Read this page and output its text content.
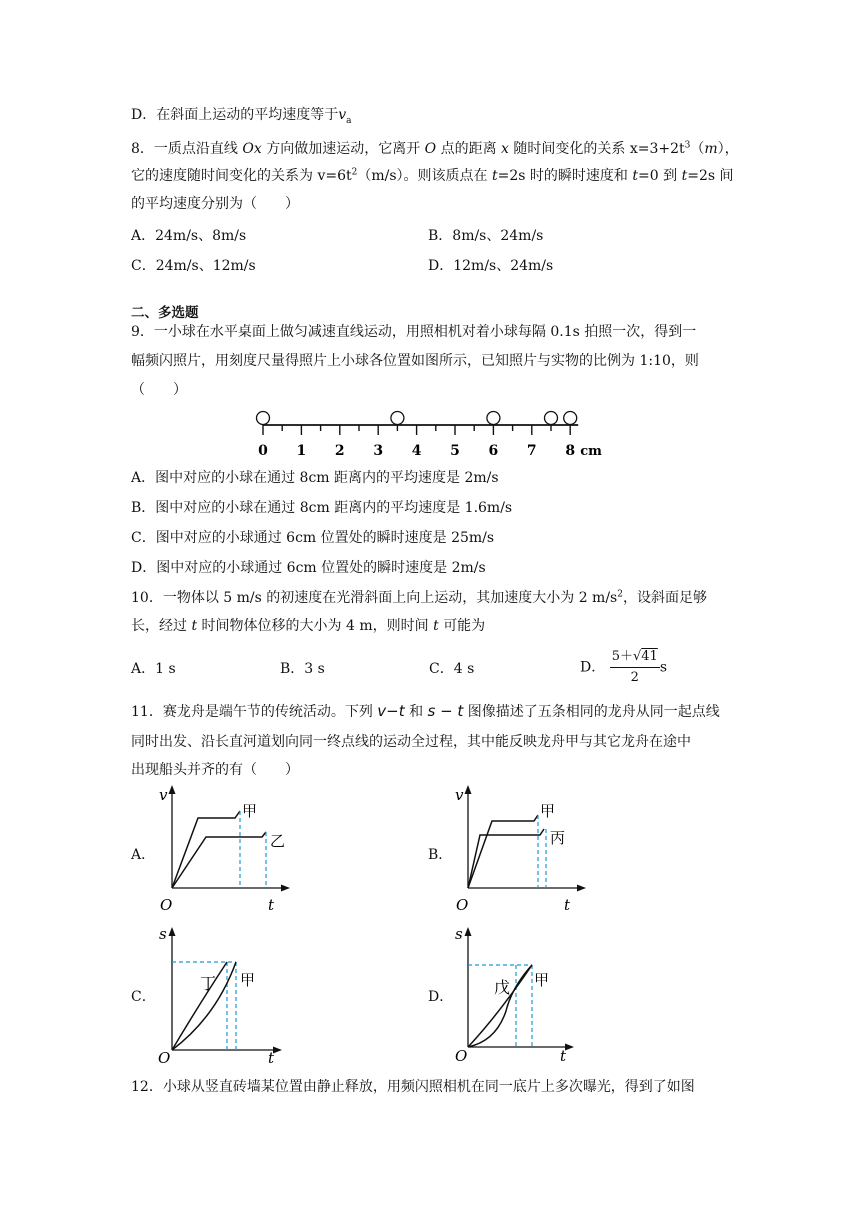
D．在斜面上运动的平均速度等于$v_a$
8．一质点沿直线 Ox 方向做加速运动，它离开 O 点的距离 x 随时间变化的关系 $x=3+2t^3(m)$，
它的速度随时间变化的关系为 $v=6t^2(m/s)$。则该质点在 t=2s 时的瞬时速度和 t=0 到 t=2s 间
的平均速度分别为（　　）
A．24m/s、8m/s	B．8m/s、24m/s
C．24m/s、12m/s	D．12m/s、24m/s
二、多选题
9．一小球在水平桌面上做匀减速直线运动，用照相机对着小球每隔 0.1s 拍照一次，得到一
幅频闪照片，用刻度尺量得照片上小球各位置如图所示，已知照片与实物的比例为 1:10，则
（　　）
0 1 2 3 4 5 6 7 8 cm
A．图中对应的小球在通过 8cm 距离内的平均速度是 2m/s
B．图中对应的小球在通过 8cm 距离内的平均速度是 1.6m/s
C．图中对应的小球通过 6cm 位置处的瞬时速度是 25m/s
D．图中对应的小球通过 6cm 位置处的瞬时速度是 2m/s
10．一物体以 5 m/s 的初速度在光滑斜面上向上运动，其加速度大小为 2 $m/s^2$，设斜面足够
长，经过 t 时间物体位移的大小为 4 m，则时间 t 可能为
A．1 s	B．3 s	C．4 s	D． $\frac{5+√41}{2}$ s
11．赛龙舟是端午节的传统活动。下列 v−t 和 s − t 图像描述了五条相同的龙舟从同一起点线
同时出发、沿长直河道划向同一终点线的运动全过程，其中能反映龙舟甲与其它龙舟在途中
出现船头并齐的有（　　）
A．	B．
C．	D．
v
O	t
甲
乙
v
O	t
甲
丙
s
O	t
丁 甲
s
O	t
戊 甲
12．小球从竖直砖墙某位置由静止释放，用频闪照相机在同一底片上多次曝光，得到了如图
